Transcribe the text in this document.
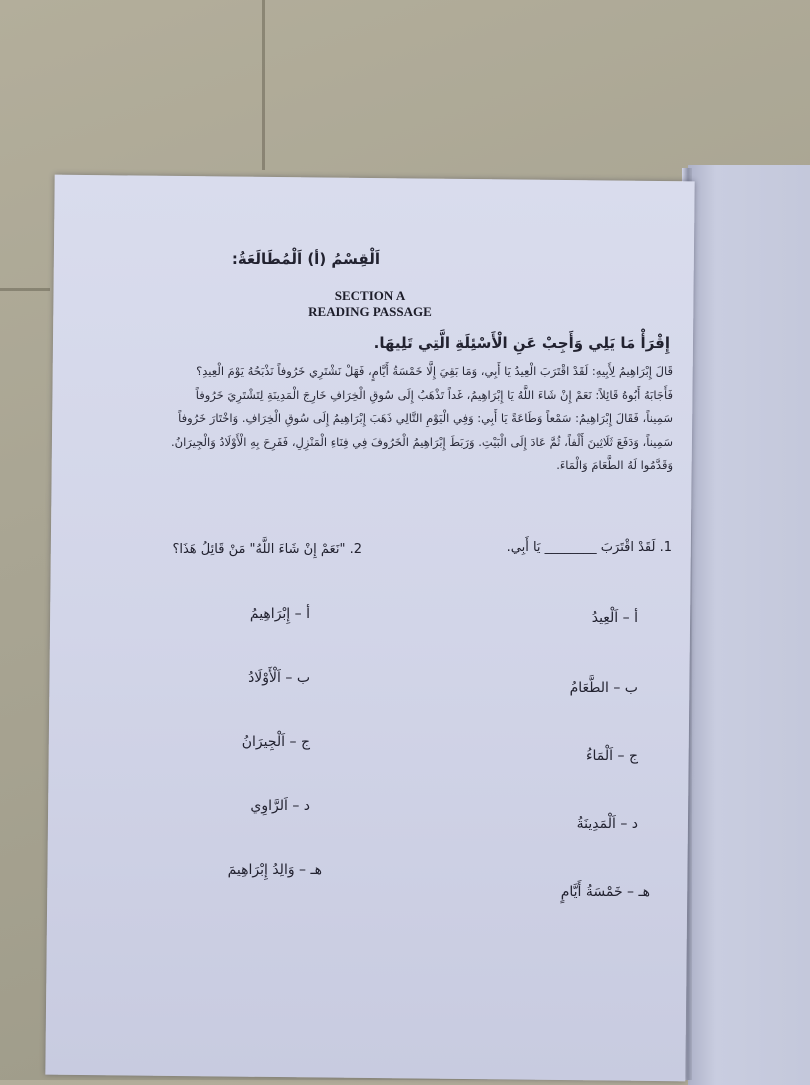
اَلْقِسْمُ (أ) اَلْمُطَالَعَةُ:
SECTION A
READING PASSAGE
إِقْرَأْ مَا يَلِي وَأَجِبْ عَنِ الْأَسْئِلَةِ الَّتِي تَلِيهَا.
قَالَ إِبْرَاهِيمُ لِأَبِيهِ: لَقَدْ اقْتَرَبَ الْعِيدُ يَا أَبِي، وَمَا بَقِيَ إِلَّا خَمْسَةُ أَيَّامٍ، فَهَلْ نَشْتَرِي خَرُوفاً نَذْبَحُهُ يَوْمَ الْعِيدِ؟
فَأَجَابَهُ أَبُوهُ قَائِلاً: نَعَمْ إِنْ شَاءَ اللَّهُ يَا إِبْرَاهِيمُ، غَداً تَذْهَبُ إِلَى سُوقِ الْخِرَافِ خَارِجَ الْمَدِينَةِ لِتَشْتَرِيَ خَرُوفاً
سَمِيناً، فَقَالَ إِبْرَاهِيمُ: سَمْعاً وَطَاعَةً يَا أَبِي: وَفِي الْيَوْمِ التَّالِي ذَهَبَ إِبْرَاهِيمُ إِلَى سُوقِ الْخِرَافِ. وَاخْتَارَ خَرُوفاً
سَمِيناً، وَدَفَعَ ثَلَاثِينَ أَلْفاً، ثُمَّ عَادَ إِلَى الْبَيْتِ. وَرَبَطَ إِبْرَاهِيمُ الْخَرُوفَ فِي فِنَاءِ الْمَنْزِلِ، فَفَرِحَ بِهِ الْأَوْلَادُ وَالْجِيرَانُ.
وَقَدَّمُوا لَهُ الطَّعَامَ وَالْمَاءَ.
1. لَقَدْ اقْتَرَبَ ________ يَا أَبِي.
2. "نَعَمْ إِنْ شَاءَ اللَّهُ" مَنْ قَائِلُ هَذَا؟
أ – اَلْعِيدُ
ب – الطَّعَامُ
ج – اَلْمَاءُ
د – اَلْمَدِينَةُ
هـ – خَمْسَةُ أَيَّامٍ
أ – إِبْرَاهِيمُ
ب – اَلْأَوْلَادُ
ج – اَلْجِيرَانُ
د – اَلرَّاوِي
هـ – وَالِدُ إِبْرَاهِيمَ
